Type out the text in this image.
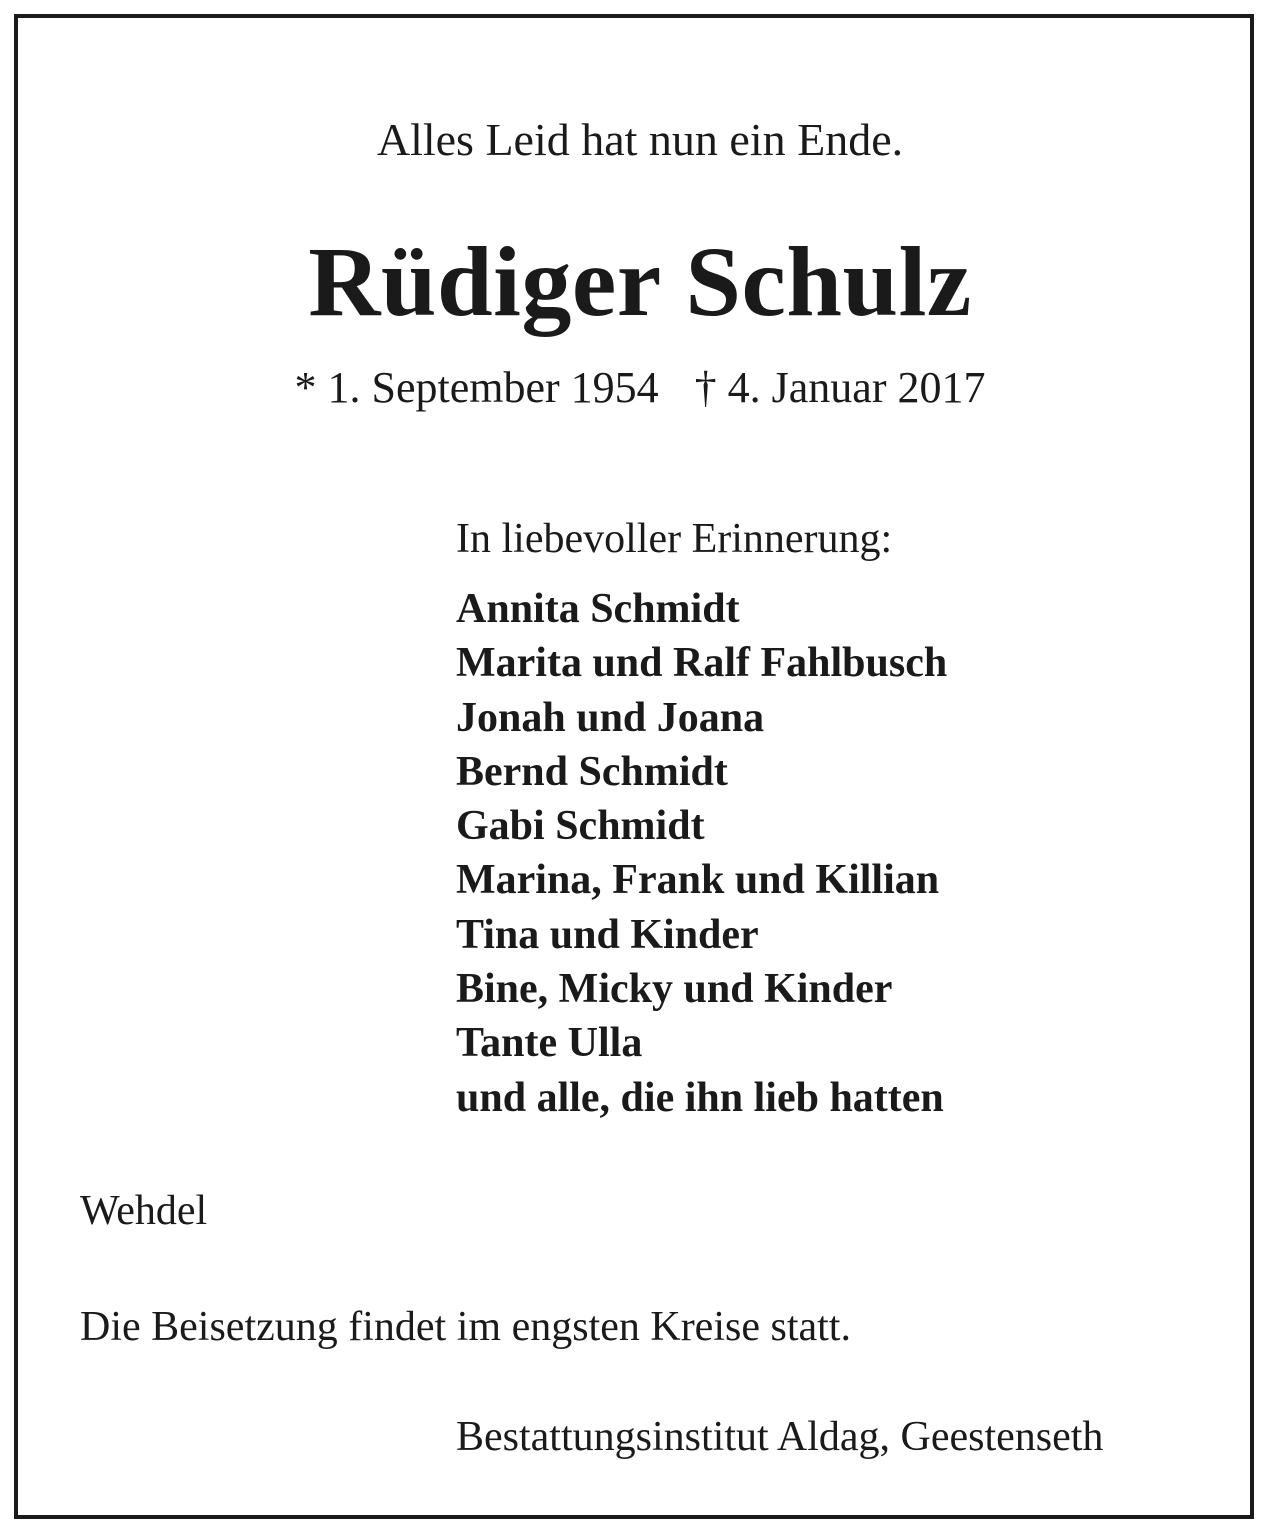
Alles Leid hat nun ein Ende.

Rüdiger Schulz

* 1. September 1954 † 4. Januar 2017

In liebevoller Erinnerung:

Annita Schmidt
Marita und Ralf Fahlbusch
Jonah und Joana
Bernd Schmidt
Gabi Schmidt
Marina, Frank und Killian
Tina und Kinder
Bine, Micky und Kinder
Tante Ulla
und alle, die ihn lieb hatten

Wehdel

Die Beisetzung findet im engsten Kreise statt.

Bestattungsinstitut Aldag, Geestenseth
